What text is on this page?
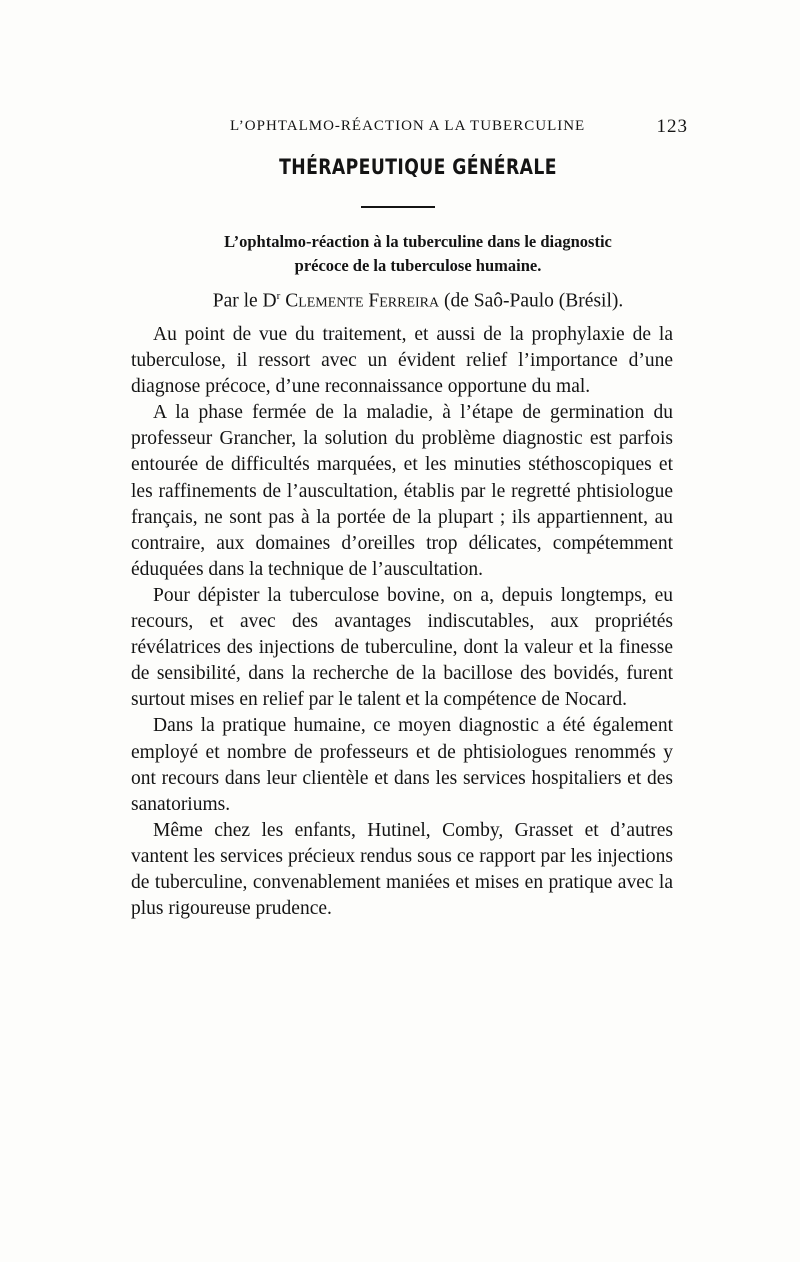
L’OPHTALMO-RÉACTION A LA TUBERCULINE	123
THÉRAPEUTIQUE GÉNÉRALE
L’ophtalmo-réaction à la tuberculine dans le diagnostic
précoce de la tuberculose humaine.
Par le $D^r$ Clemente Ferreira (de Saô-Paulo (Brésil).

Au point de vue du traitement, et aussi de la prophylaxie de la tuberculose, il ressort avec un évident relief l’importance d’une diagnose précoce, d’une reconnaissance opportune du mal.

A la phase fermée de la maladie, à l’étape de germination du professeur Grancher, la solution du problème diagnostic est parfois entourée de difficultés marquées, et les minuties stéthoscopiques et les raffinements de l’auscultation, établis par le regretté phtisiologue français, ne sont pas à la portée de la plupart ; ils appartiennent, au contraire, aux domaines d’oreilles trop délicates, compétemment éduquées dans la technique de l’auscultation.

Pour dépister la tuberculose bovine, on a, depuis longtemps, eu recours, et avec des avantages indiscutables, aux propriétés révélatrices des injections de tuberculine, dont la valeur et la finesse de sensibilité, dans la recherche de la bacillose des bovidés, furent surtout mises en relief par le talent et la compétence de Nocard.

Dans la pratique humaine, ce moyen diagnostic a été également employé et nombre de professeurs et de phtisiologues renommés y ont recours dans leur clientèle et dans les services hospitaliers et des sanatoriums.

Même chez les enfants, Hutinel, Comby, Grasset et d’autres vantent les services précieux rendus sous ce rapport par les injections de tuberculine, convenablement maniées et mises en pratique avec la plus rigoureuse prudence.
